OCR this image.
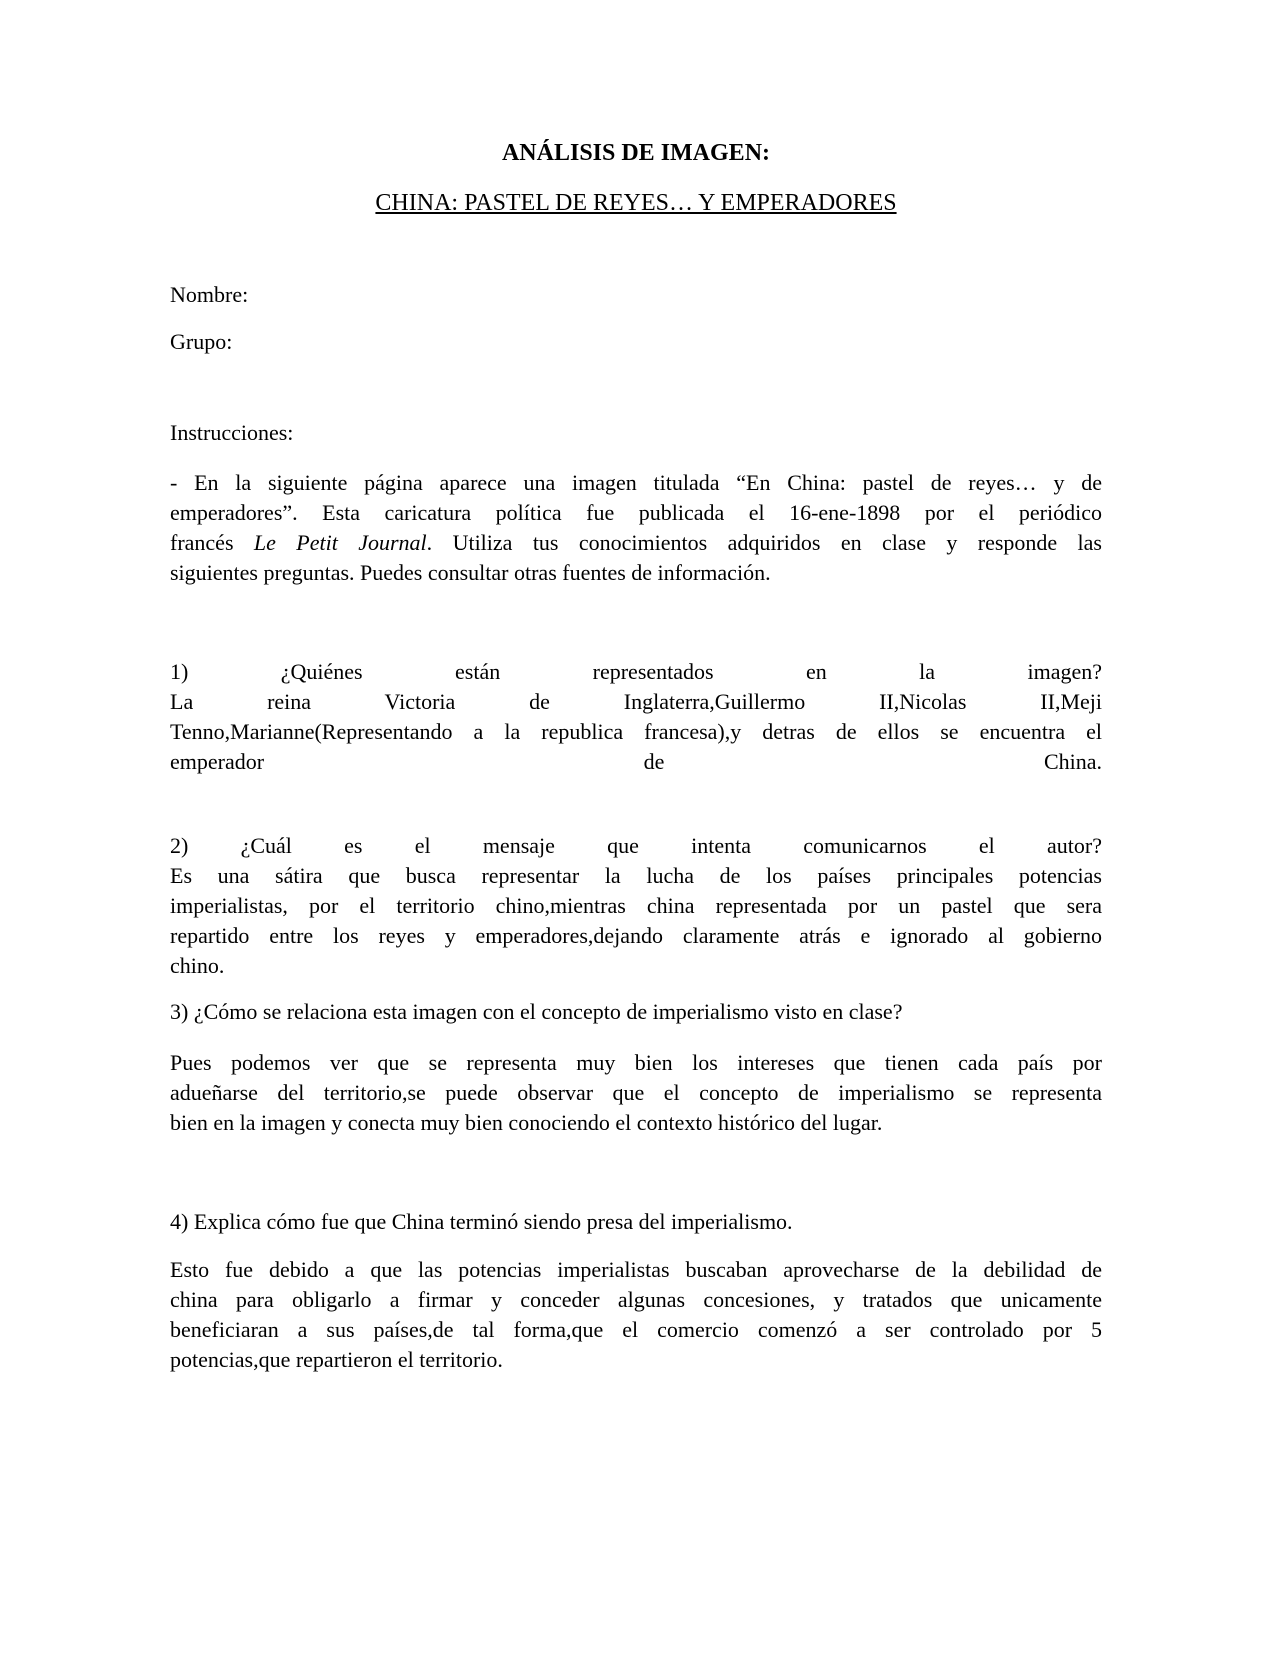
ANÁLISIS DE IMAGEN:
CHINA: PASTEL DE REYES… Y EMPERADORES

Nombre:

Grupo:

Instrucciones:

- En la siguiente página aparece una imagen titulada “En China: pastel de reyes… y de
emperadores”. Esta caricatura política fue publicada el 16-ene-1898 por el periódico
francés Le Petit Journal. Utiliza tus conocimientos adquiridos en clase y responde las
siguientes preguntas. Puedes consultar otras fuentes de información.
1) ¿Quiénes están representados en la imagen?
La reina Victoria de Inglaterra,Guillermo II,Nicolas II,Meji
Tenno,Marianne(Representando a la republica francesa),y detras de ellos se encuentra el
emperador de China.
2) ¿Cuál es el mensaje que intenta comunicarnos el autor?
Es una sátira que busca representar la lucha de los países principales potencias
imperialistas, por el territorio chino,mientras china representada por un pastel que sera
repartido entre los reyes y emperadores,dejando claramente atrás e ignorado al gobierno
chino.
3) ¿Cómo se relaciona esta imagen con el concepto de imperialismo visto en clase?
Pues podemos ver que se representa muy bien los intereses que tienen cada país por
adueñarse del territorio,se puede observar que el concepto de imperialismo se representa
bien en la imagen y conecta muy bien conociendo el contexto histórico del lugar.
4) Explica cómo fue que China terminó siendo presa del imperialismo.
Esto fue debido a que las potencias imperialistas buscaban aprovecharse de la debilidad de
china para obligarlo a firmar y conceder algunas concesiones, y tratados que unicamente
beneficiaran a sus países,de tal forma,que el comercio comenzó a ser controlado por 5
potencias,que repartieron el territorio.
